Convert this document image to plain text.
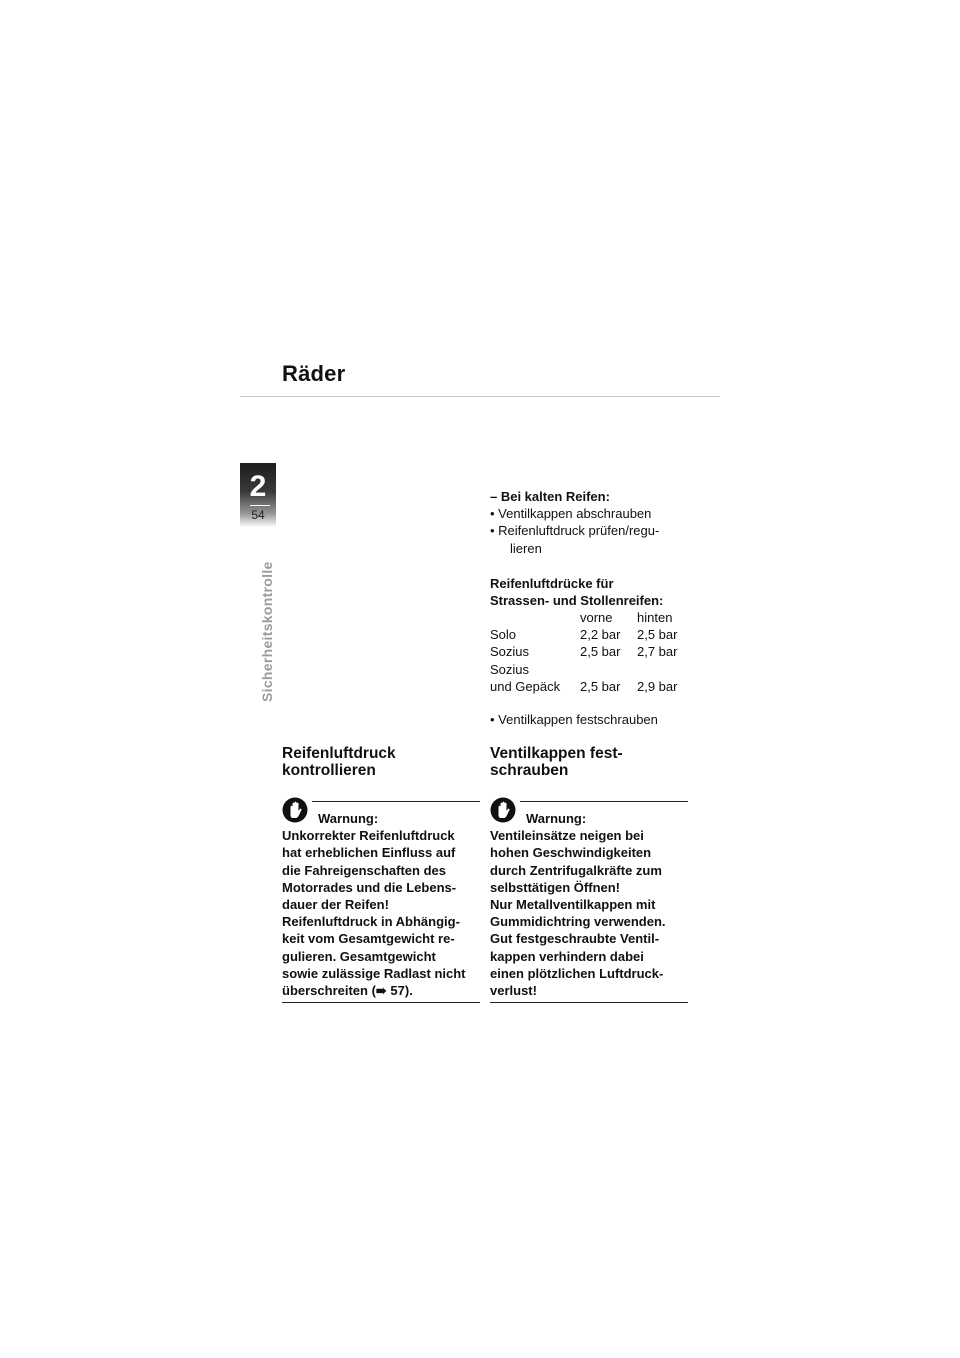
Räder
2
54
Sicherheitskontrolle
– Bei kalten Reifen:
• Ventilkappen abschrauben
• Reifenluftdruck prüfen/regu-
lieren
Reifenluftdrücke für
Strassen- und Stollenreifen:
	vorne	hinten
Solo	2,2 bar	2,5 bar
Sozius	2,5 bar	2,7 bar
Sozius		
und Gepäck	2,5 bar	2,9 bar
• Ventilkappen festschrauben
Reifenluftdruck
kontrollieren
Warnung:
Unkorrekter Reifenluftdruck
hat erheblichen Einfluss auf
die Fahreigenschaften des
Motorrades und die Lebens-
dauer der Reifen!
Reifenluftdruck in Abhängig-
keit vom Gesamtgewicht re-
gulieren. Gesamtgewicht
sowie zulässige Radlast nicht
überschreiten (➠ 57).
Ventilkappen fest-
schrauben
Warnung:
Ventileinsätze neigen bei
hohen Geschwindigkeiten
durch Zentrifugalkräfte zum
selbsttätigen Öffnen!
Nur Metallventilkappen mit
Gummidichtring verwenden.
Gut festgeschraubte Ventil-
kappen verhindern dabei
einen plötzlichen Luftdruck-
verlust!
